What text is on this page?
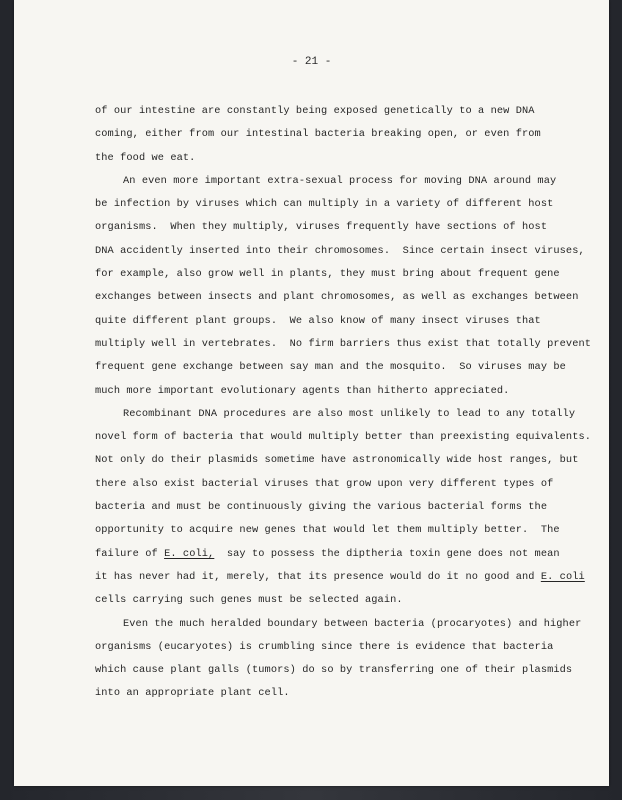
- 21 -
of our intestine are constantly being exposed genetically to a new DNA
coming, either from our intestinal bacteria breaking open, or even from
the food we eat.
An even more important extra-sexual process for moving DNA around may
be infection by viruses which can multiply in a variety of different host
organisms.  When they multiply, viruses frequently have sections of host
DNA accidently inserted into their chromosomes.  Since certain insect viruses,
for example, also grow well in plants, they must bring about frequent gene
exchanges between insects and plant chromosomes, as well as exchanges between
quite different plant groups.  We also know of many insect viruses that
multiply well in vertebrates.  No firm barriers thus exist that totally prevent
frequent gene exchange between say man and the mosquito.  So viruses may be
much more important evolutionary agents than hitherto appreciated.
Recombinant DNA procedures are also most unlikely to lead to any totally
novel form of bacteria that would multiply better than preexisting equivalents.
Not only do their plasmids sometime have astronomically wide host ranges, but
there also exist bacterial viruses that grow upon very different types of
bacteria and must be continuously giving the various bacterial forms the
opportunity to acquire new genes that would let them multiply better.  The
failure of E. coli,  say to possess the diptheria toxin gene does not mean
it has never had it, merely, that its presence would do it no good and E. coli
cells carrying such genes must be selected again.
Even the much heralded boundary between bacteria (procaryotes) and higher
organisms (eucaryotes) is crumbling since there is evidence that bacteria
which cause plant galls (tumors) do so by transferring one of their plasmids
into an appropriate plant cell.
